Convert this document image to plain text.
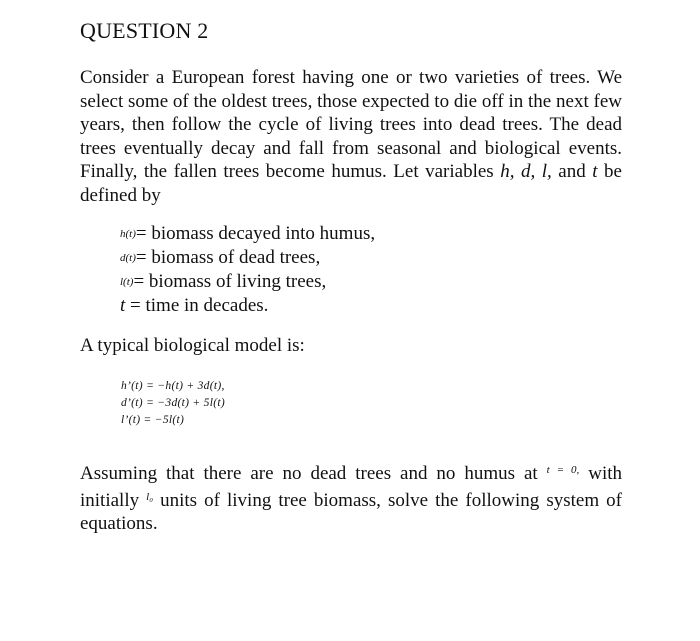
QUESTION 2

Consider a European forest having one or two varieties of trees. We select some of the oldest trees, those expected to die off in the next few years, then follow the cycle of living trees into dead trees. The dead trees eventually decay and fall from seasonal and biological events. Finally, the fallen trees become humus. Let variables h, d, l, and t be defined by

h(t)= biomass decayed into humus,
d(t)= biomass of dead trees,
l(t)= biomass of living trees,
t = time in decades.

A typical biological model is:

h’(t) = −h(t) + 3d(t),
d’(t) = −3d(t) + 5l(t)
l’(t) = −5l(t)

Assuming that there are no dead trees and no humus at $^{t = 0,}$ with initially $^{l_0}$ units of living tree biomass, solve the following system of equations.
